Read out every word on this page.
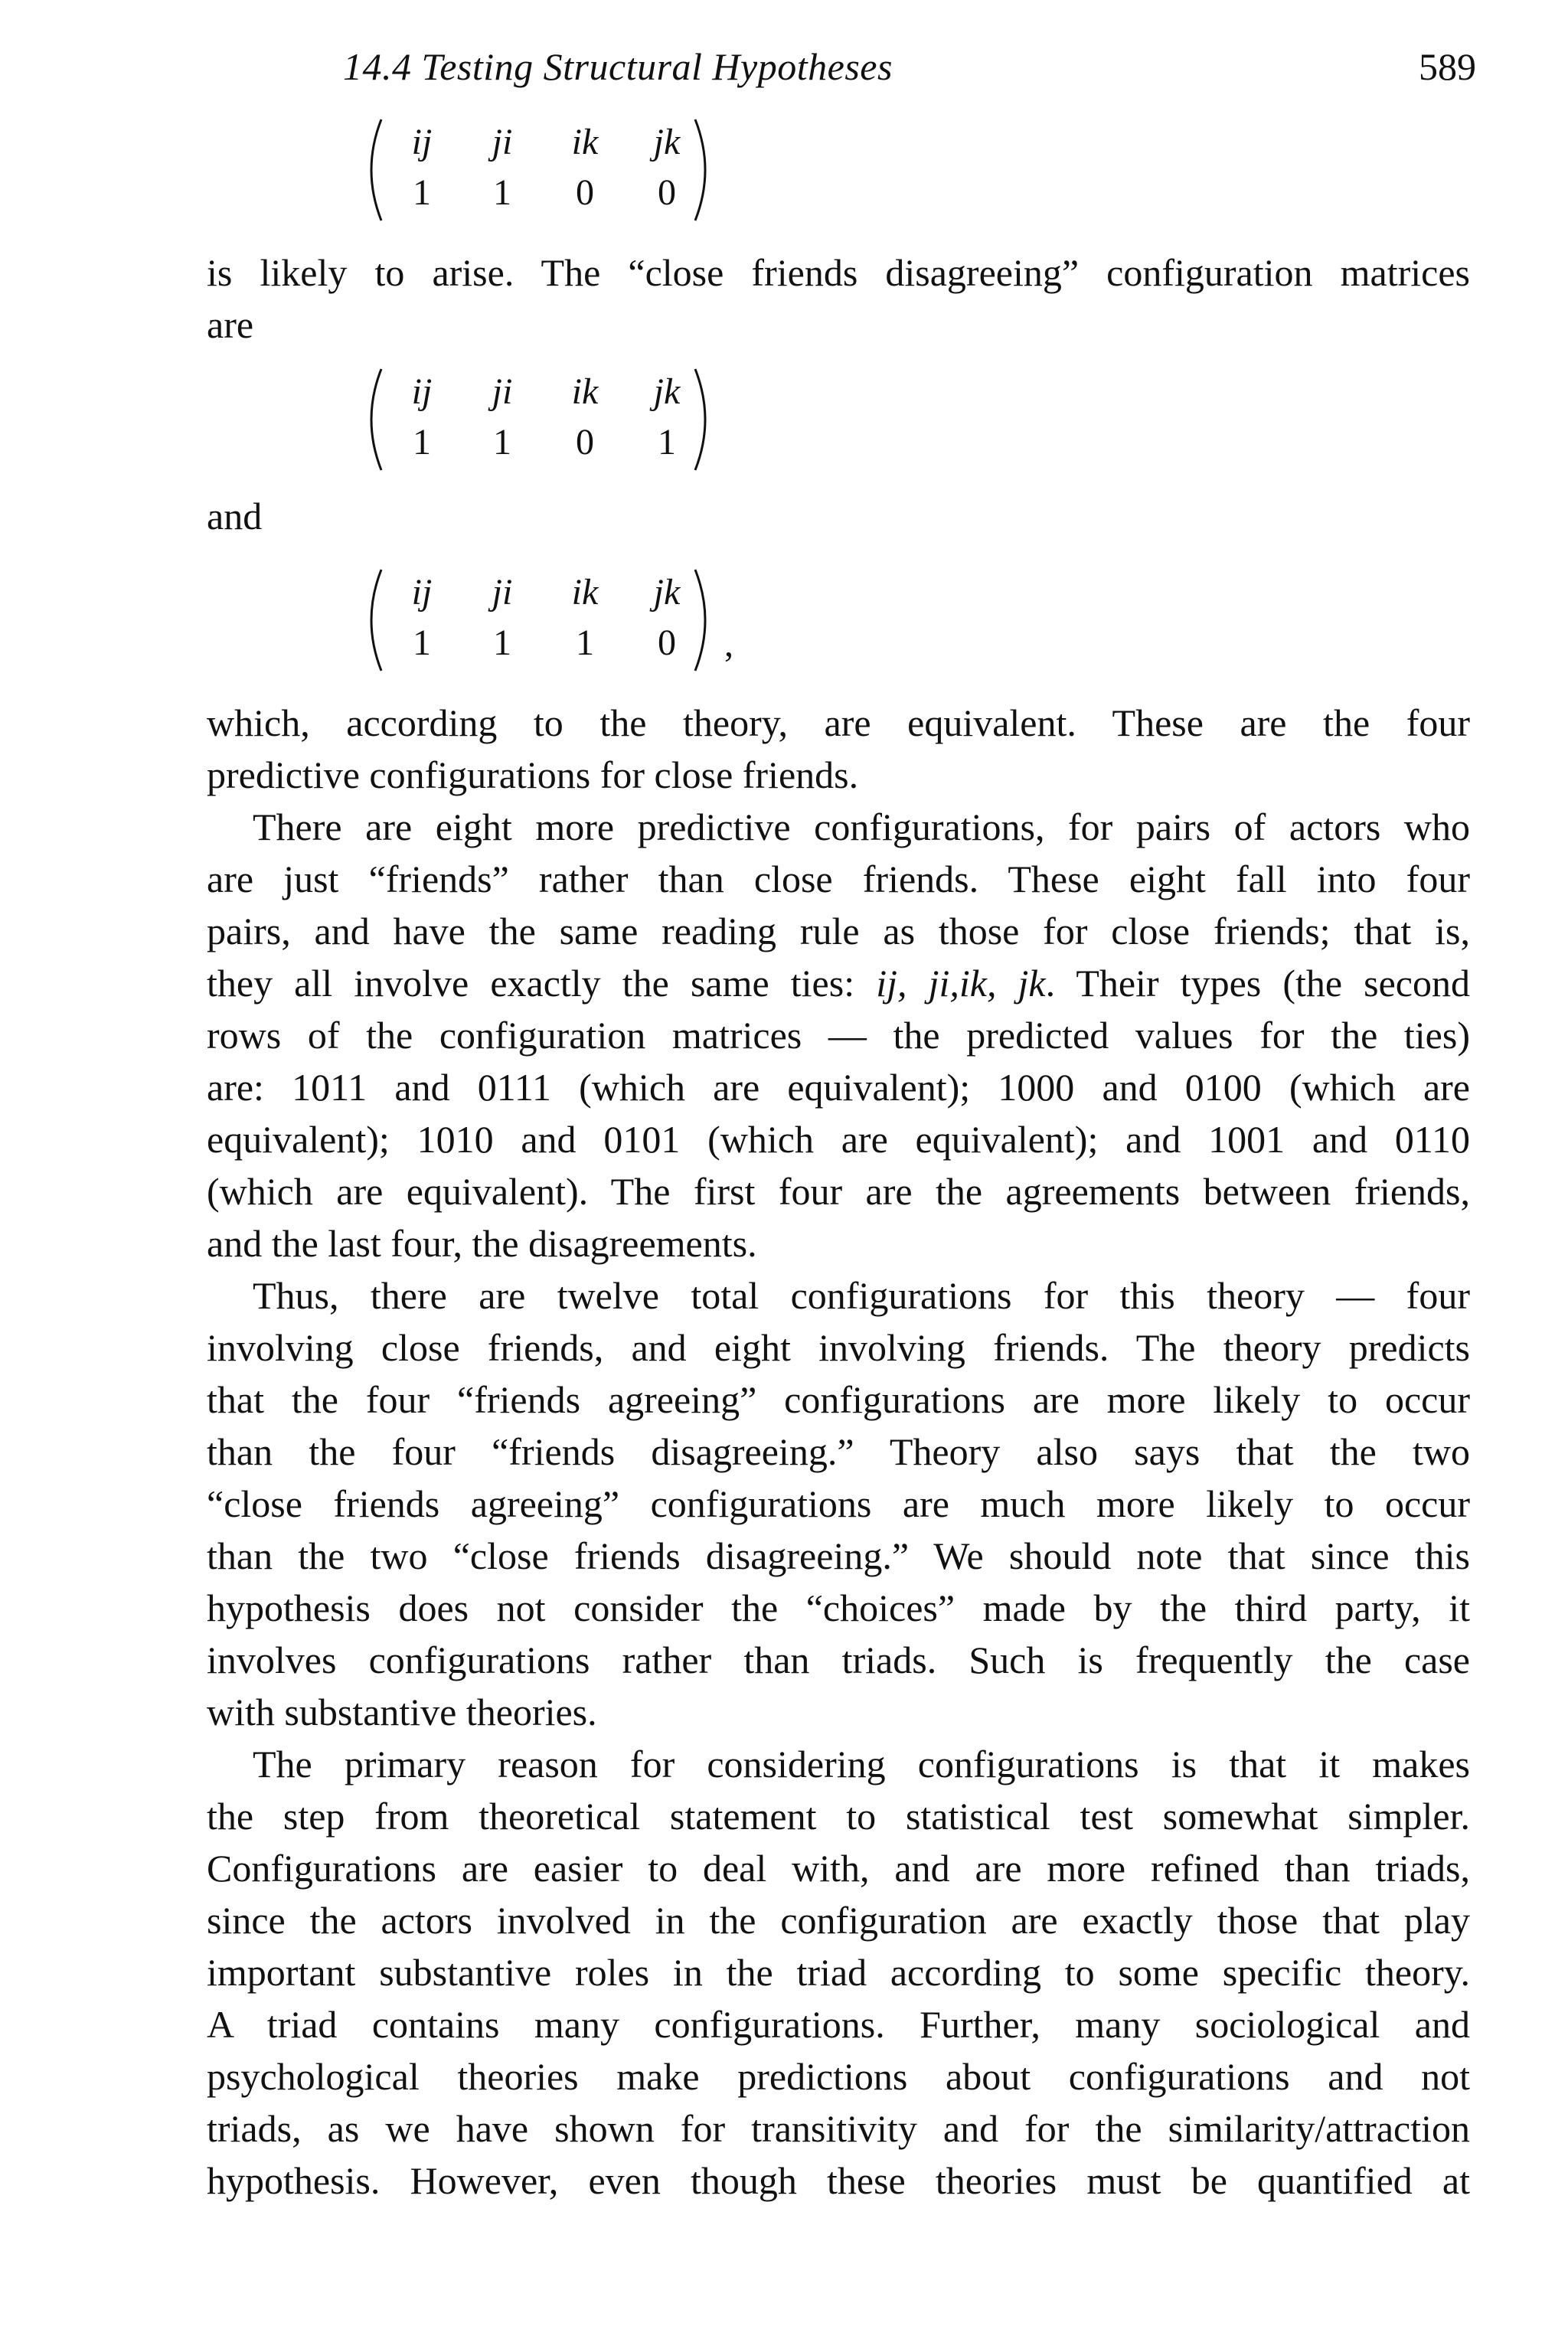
14.4 Testing Structural Hypotheses	589
ij	ji	ik	jk
1	1	0	0
is likely to arise. The “close friends disagreeing” configuration matrices
are
ij	ji	ik	jk
1	1	0	1
and
ij	ji	ik	jk
1	1	1	0	,
which, according to the theory, are equivalent. These are the four
predictive configurations for close friends.
There are eight more predictive configurations, for pairs of actors who
are just “friends” rather than close friends. These eight fall into four
pairs, and have the same reading rule as those for close friends; that is,
they all involve exactly the same ties: ij, ji,ik, jk. Their types (the second
rows of the configuration matrices — the predicted values for the ties)
are: 1011 and 0111 (which are equivalent); 1000 and 0100 (which are
equivalent); 1010 and 0101 (which are equivalent); and 1001 and 0110
(which are equivalent). The first four are the agreements between friends,
and the last four, the disagreements.
Thus, there are twelve total configurations for this theory — four
involving close friends, and eight involving friends. The theory predicts
that the four “friends agreeing” configurations are more likely to occur
than the four “friends disagreeing.” Theory also says that the two
“close friends agreeing” configurations are much more likely to occur
than the two “close friends disagreeing.” We should note that since this
hypothesis does not consider the “choices” made by the third party, it
involves configurations rather than triads. Such is frequently the case
with substantive theories.
The primary reason for considering configurations is that it makes
the step from theoretical statement to statistical test somewhat simpler.
Configurations are easier to deal with, and are more refined than triads,
since the actors involved in the configuration are exactly those that play
important substantive roles in the triad according to some specific theory.
A triad contains many configurations. Further, many sociological and
psychological theories make predictions about configurations and not
triads, as we have shown for transitivity and for the similarity/attraction
hypothesis. However, even though these theories must be quantified at
